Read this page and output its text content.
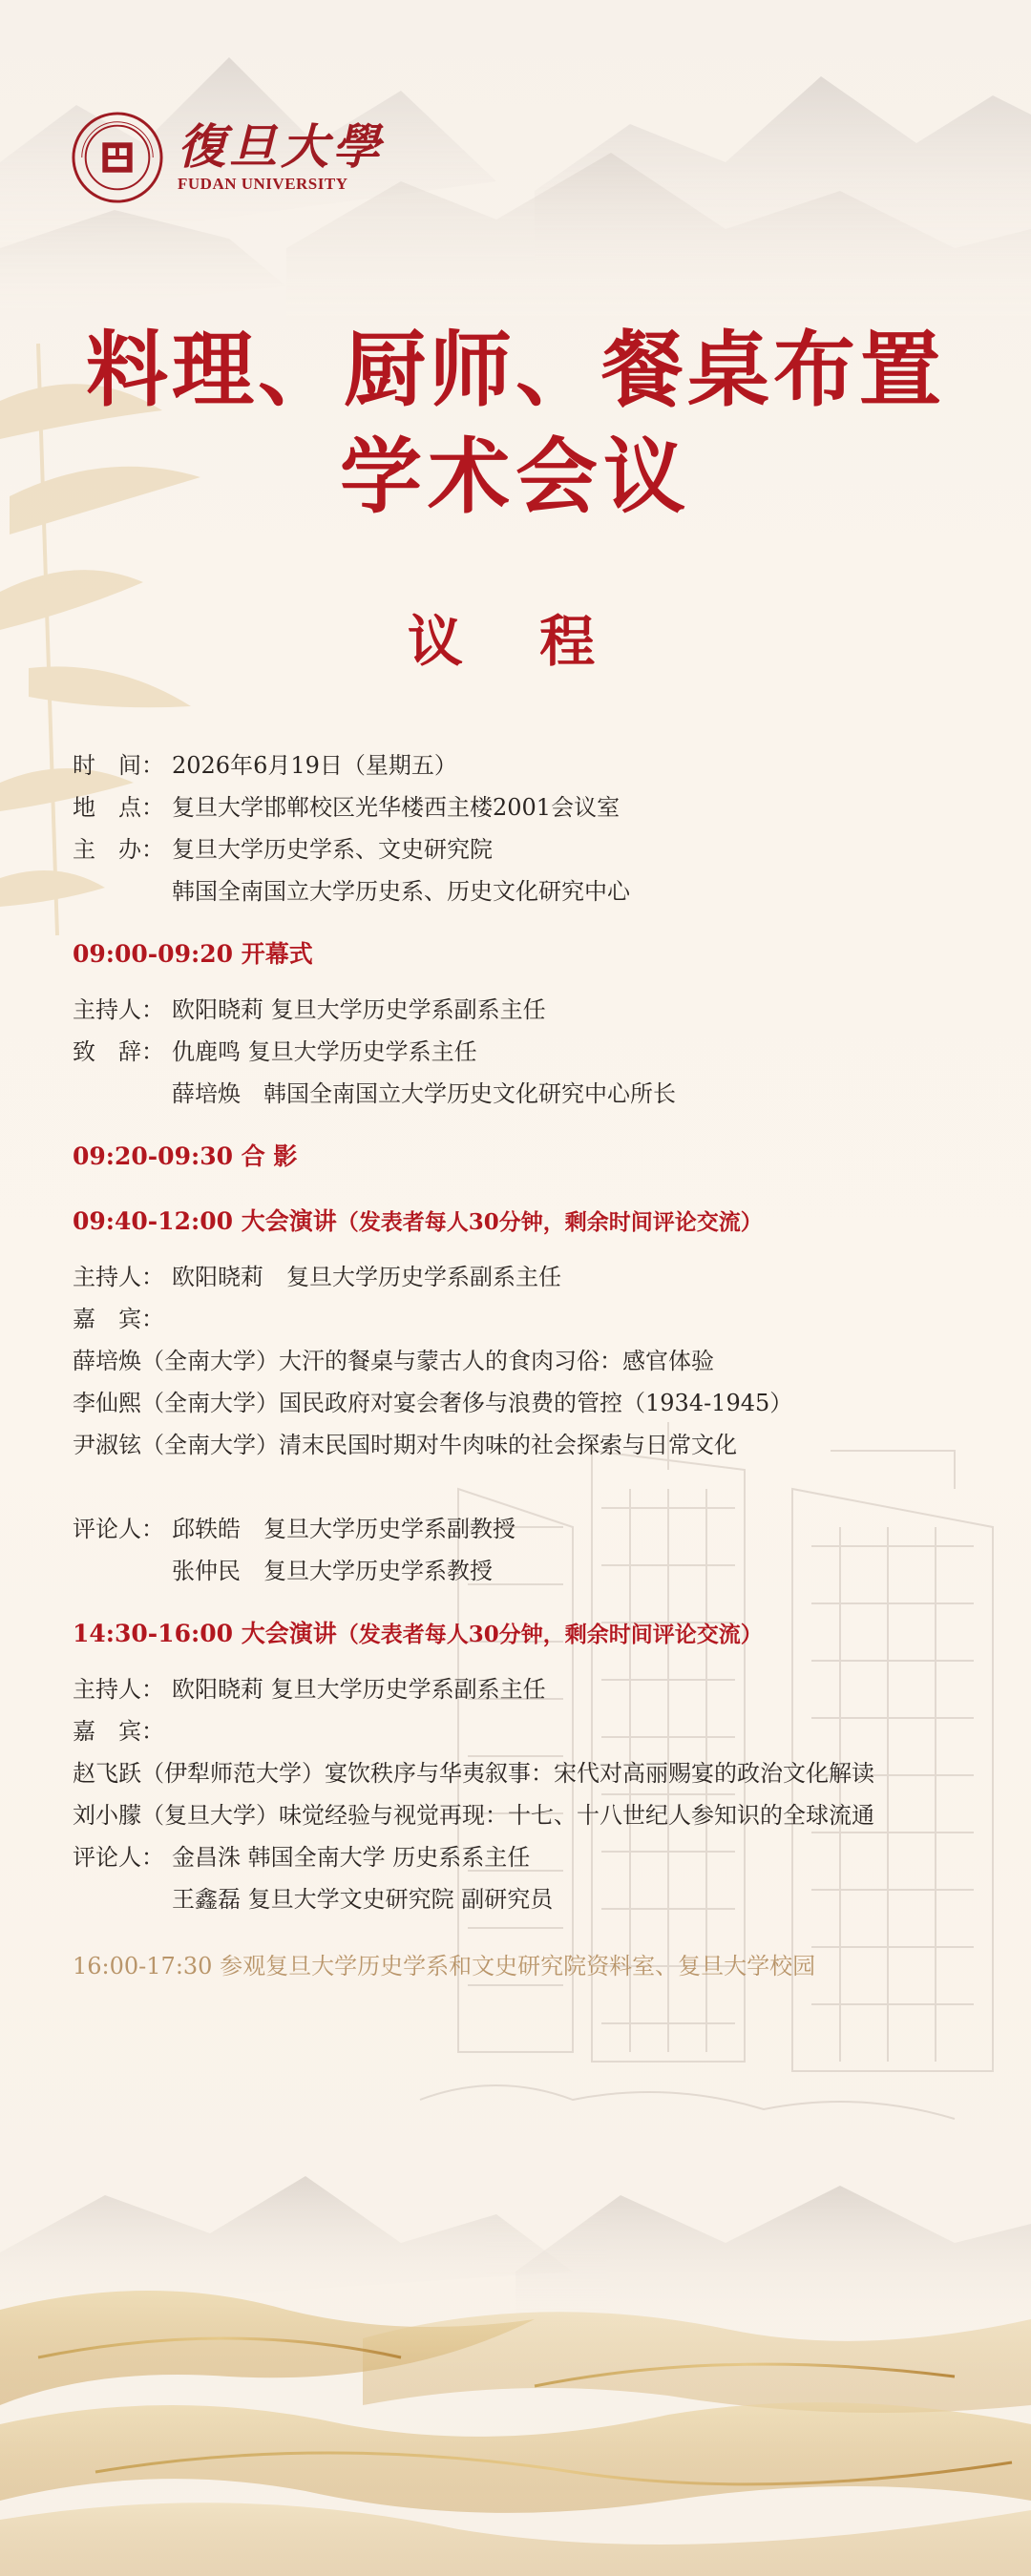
復旦大學
FUDAN UNIVERSITY
料理、厨师、餐桌布置
学术会议
议 程
时　间： 2026年6月19日（星期五）
地　点： 复旦大学邯郸校区光华楼西主楼2001会议室
主　办： 复旦大学历史学系、文史研究院
韩国全南国立大学历史系、历史文化研究中心
09:00-09:20 开幕式
主持人： 欧阳晓莉 复旦大学历史学系副系主任
致　辞： 仇鹿鸣 复旦大学历史学系主任
薛培焕　韩国全南国立大学历史文化研究中心所长
09:20-09:30 合 影
09:40-12:00 大会演讲（发表者每人30分钟，剩余时间评论交流）
主持人： 欧阳晓莉　复旦大学历史学系副系主任
嘉　宾：
薛培焕（全南大学）大汗的餐桌与蒙古人的食肉习俗：感官体验
李仙熙（全南大学）国民政府对宴会奢侈与浪费的管控（1934-1945）
尹淑铉（全南大学）清末民国时期对牛肉味的社会探索与日常文化
评论人： 邱轶皓　复旦大学历史学系副教授
张仲民　复旦大学历史学系教授
14:30-16:00 大会演讲（发表者每人30分钟，剩余时间评论交流）
主持人： 欧阳晓莉 复旦大学历史学系副系主任
嘉　宾：
赵飞跃（伊犁师范大学）宴饮秩序与华夷叙事：宋代对高丽赐宴的政治文化解读
刘小朦（复旦大学）味觉经验与视觉再现：十七、十八世纪人参知识的全球流通
评论人： 金昌洙 韩国全南大学 历史系系主任
王鑫磊 复旦大学文史研究院 副研究员
16:00-17:30 参观复旦大学历史学系和文史研究院资料室、复旦大学校园
